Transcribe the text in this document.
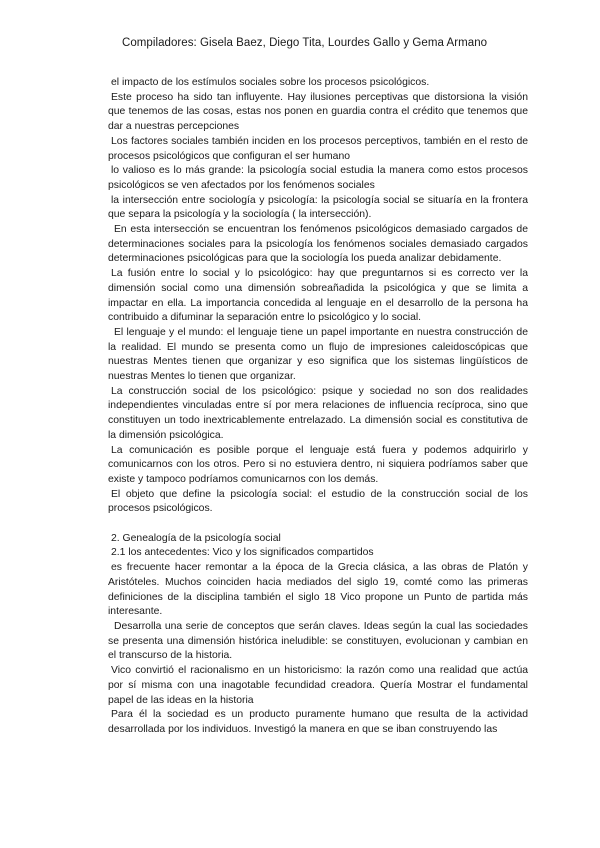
Compiladores: Gisela Baez, Diego Tita, Lourdes Gallo y Gema Armano

el impacto de los estímulos sociales sobre los procesos psicológicos.

Este proceso ha sido tan influyente. Hay ilusiones perceptivas que distorsiona la visión que tenemos de las cosas, estas nos ponen en guardia contra el crédito que tenemos que dar a nuestras percepciones

Los factores sociales también inciden en los procesos perceptivos, también en el resto de procesos psicológicos que configuran el ser humano

lo valioso es lo más grande: la psicología social estudia la manera como estos procesos psicológicos se ven afectados por los fenómenos sociales

la intersección entre sociología y psicología: la psicología social se situaría en la frontera que separa la psicología y la sociología ( la intersección).

En esta intersección se encuentran los fenómenos psicológicos demasiado cargados de determinaciones sociales para la psicología los fenómenos sociales demasiado cargados determinaciones psicológicas para que la sociología los pueda analizar debidamente.

La fusión entre lo social y lo psicológico: hay que preguntarnos si es correcto ver la dimensión social como una dimensión sobreañadida la psicológica y que se limita a impactar en ella. La importancia concedida al lenguaje en el desarrollo de la persona ha contribuido a difuminar la separación entre lo psicológico y lo social.

El lenguaje y el mundo: el lenguaje tiene un papel importante en nuestra construcción de la realidad. El mundo se presenta como un flujo de impresiones caleidoscópicas que nuestras Mentes tienen que organizar y eso significa que los sistemas lingüísticos de nuestras Mentes lo tienen que organizar.

La construcción social de los psicológico: psique y sociedad no son dos realidades independientes vinculadas entre sí por mera relaciones de influencia recíproca, sino que constituyen un todo inextricablemente entrelazado. La dimensión social es constitutiva de la dimensión psicológica.

La comunicación es posible porque el lenguaje está fuera y podemos adquirirlo y comunicarnos con los otros. Pero si no estuviera dentro, ni siquiera podríamos saber que existe y tampoco podríamos comunicarnos con los demás.

El objeto que define la psicología social: el estudio de la construcción social de los procesos psicológicos.

2. Genealogía de la psicología social

2.1 los antecedentes: Vico y los significados compartidos

es frecuente hacer remontar a la época de la Grecia clásica, a las obras de Platón y Aristóteles. Muchos coinciden hacia mediados del siglo 19, comté como las primeras definiciones de la disciplina también el siglo 18 Vico propone un Punto de partida más interesante.

Desarrolla una serie de conceptos que serán claves. Ideas según la cual las sociedades se presenta una dimensión histórica ineludible: se constituyen, evolucionan y cambian en el transcurso de la historia.

Vico convirtió el racionalismo en un historicismo: la razón como una realidad que actúa por sí misma con una inagotable fecundidad creadora. Quería Mostrar el fundamental papel de las ideas en la historia

Para él la sociedad es un producto puramente humano que resulta de la actividad desarrollada por los individuos. Investigó la manera en que se iban construyendo las
